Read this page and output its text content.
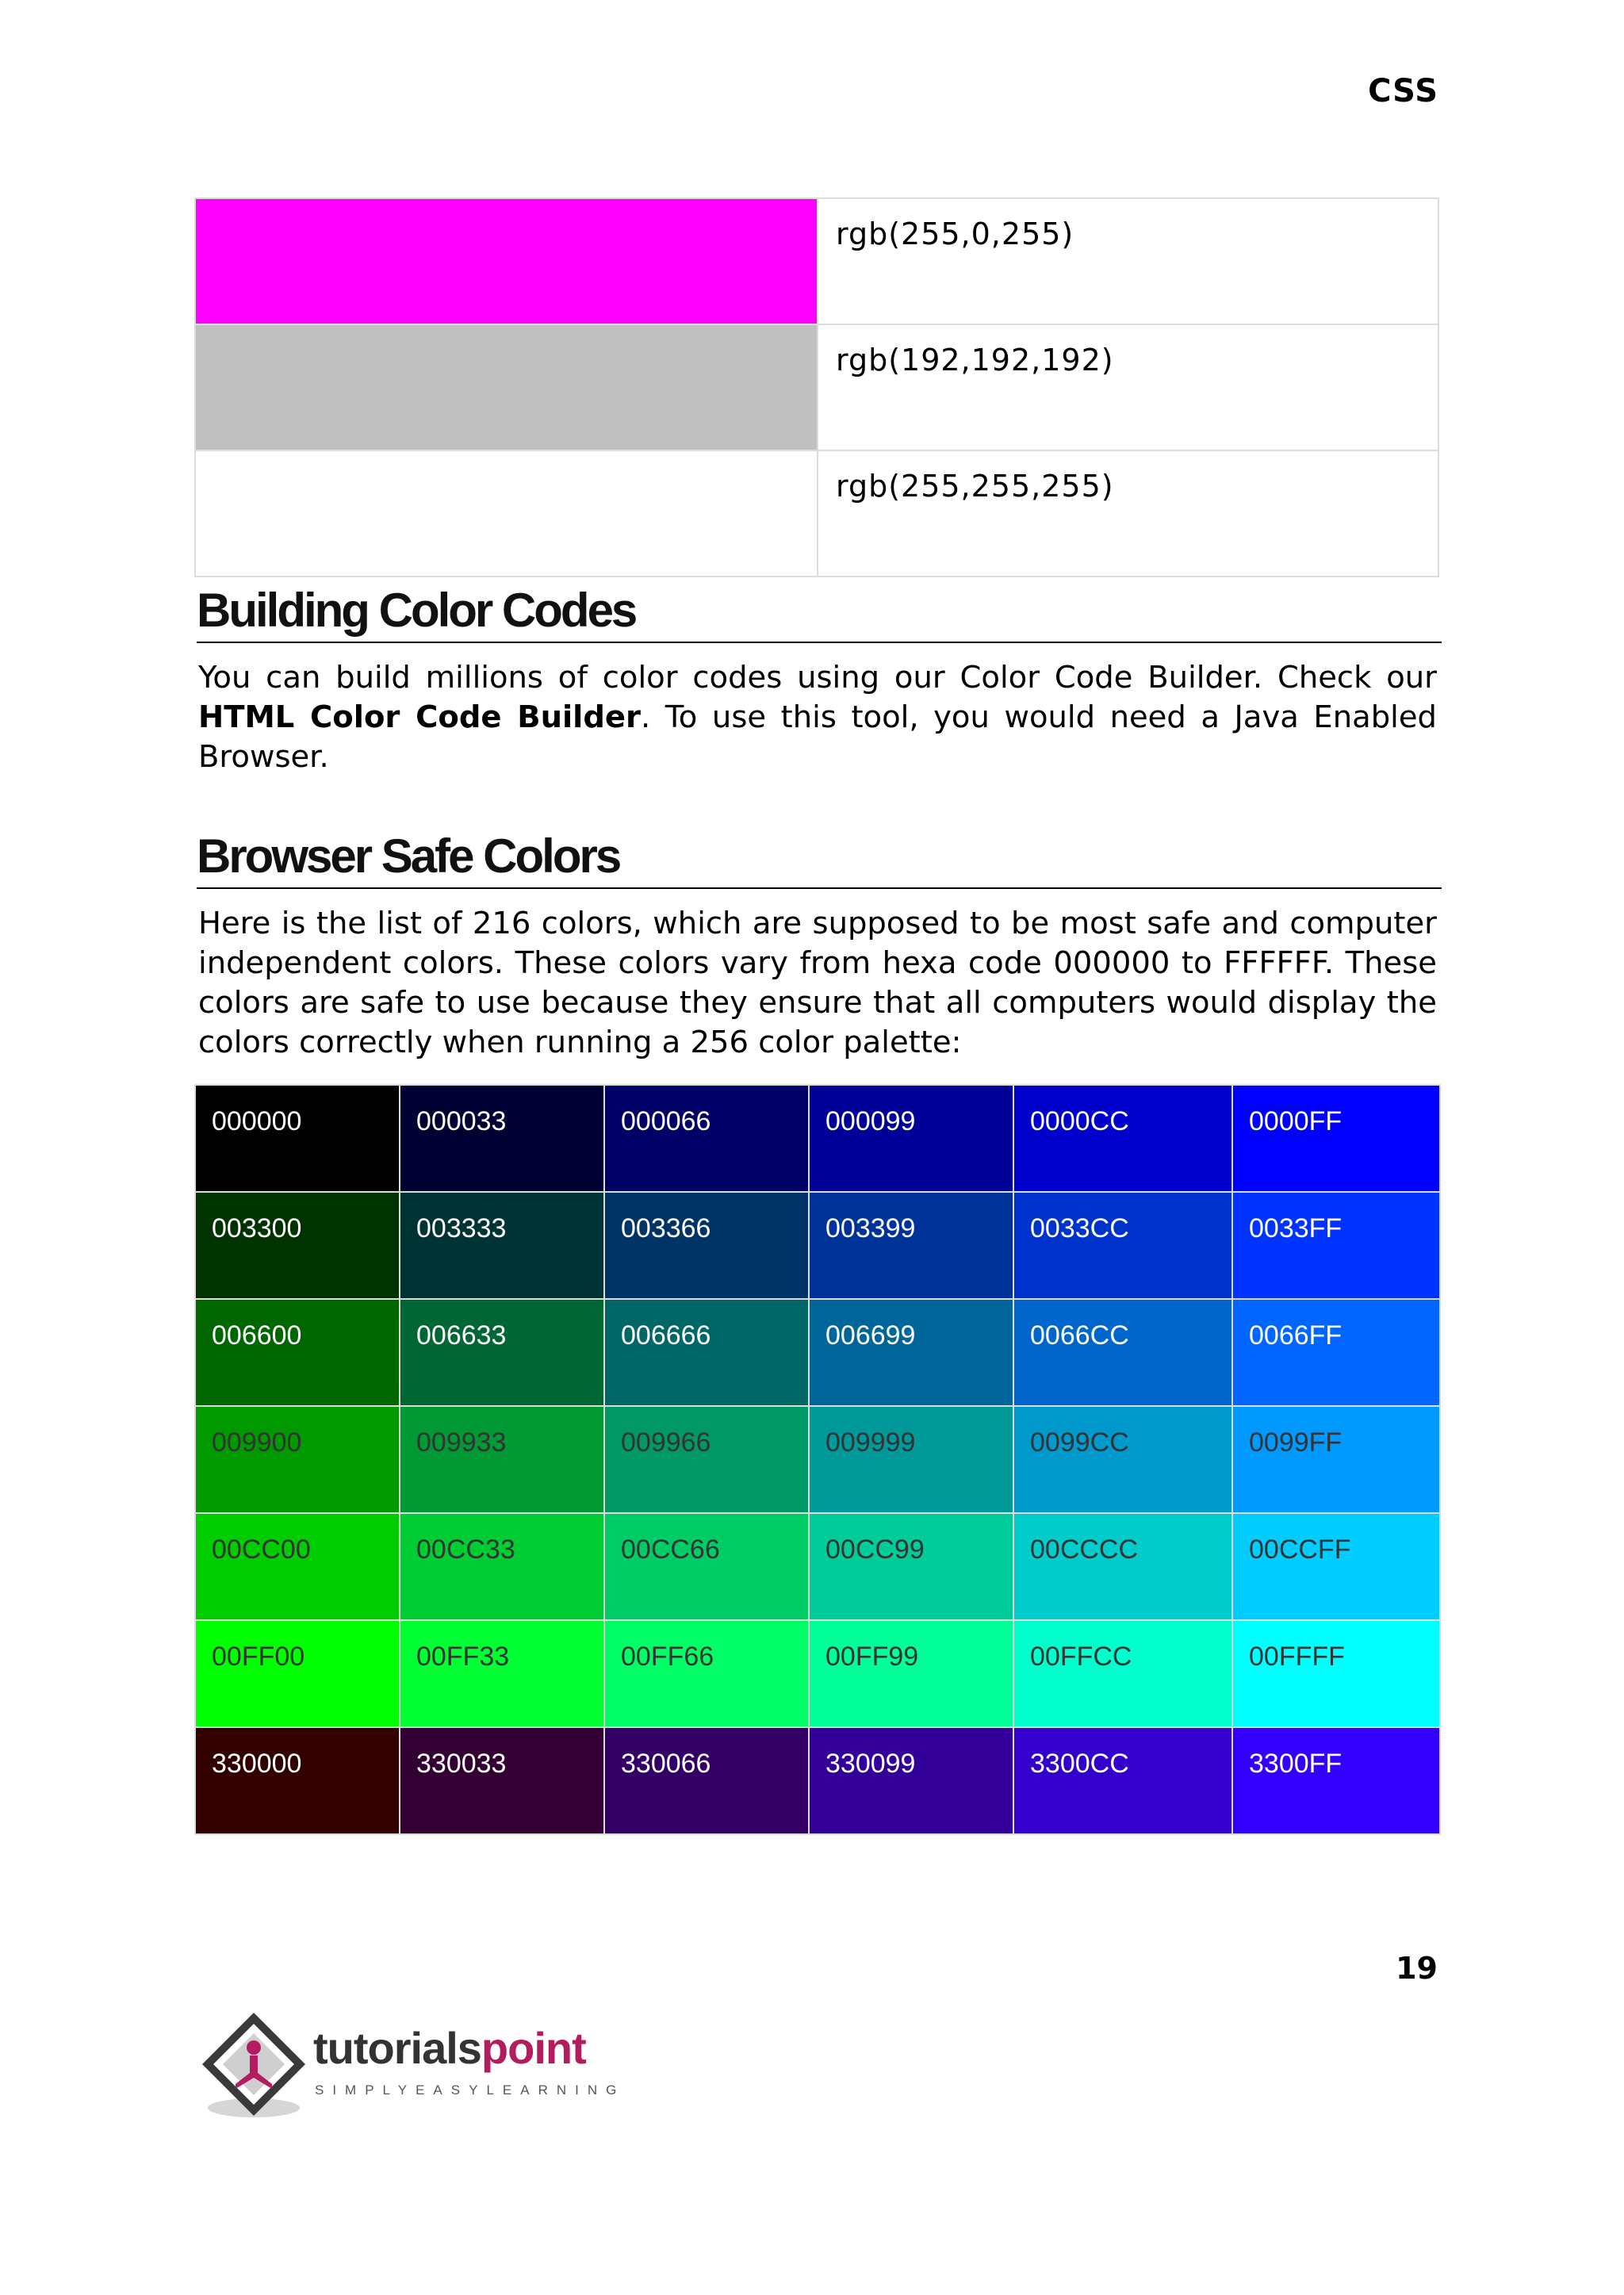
CSS
	rgb(255,0,255)
	rgb(192,192,192)
	rgb(255,255,255)
Building Color Codes

You can build millions of color codes using our Color Code Builder. Check our HTML Color Code Builder. To use this tool, you would need a Java Enabled Browser.

Browser Safe Colors

Here is the list of 216 colors, which are supposed to be most safe and computer independent colors. These colors vary from hexa code 000000 to FFFFFF. These colors are safe to use because they ensure that all computers would display the colors correctly when running a 256 color palette:

000000	000033	000066	000099	0000CC	0000FF
003300	003333	003366	003399	0033CC	0033FF
006600	006633	006666	006699	0066CC	0066FF
009900	009933	009966	009999	0099CC	0099FF
00CC00	00CC33	00CC66	00CC99	00CCCC	00CCFF
00FF00	00FF33	00FF66	00FF99	00FFCC	00FFFF
330000	330033	330066	330099	3300CC	3300FF
19
tutorialspoint
SIMPLYEASYLEARNING
